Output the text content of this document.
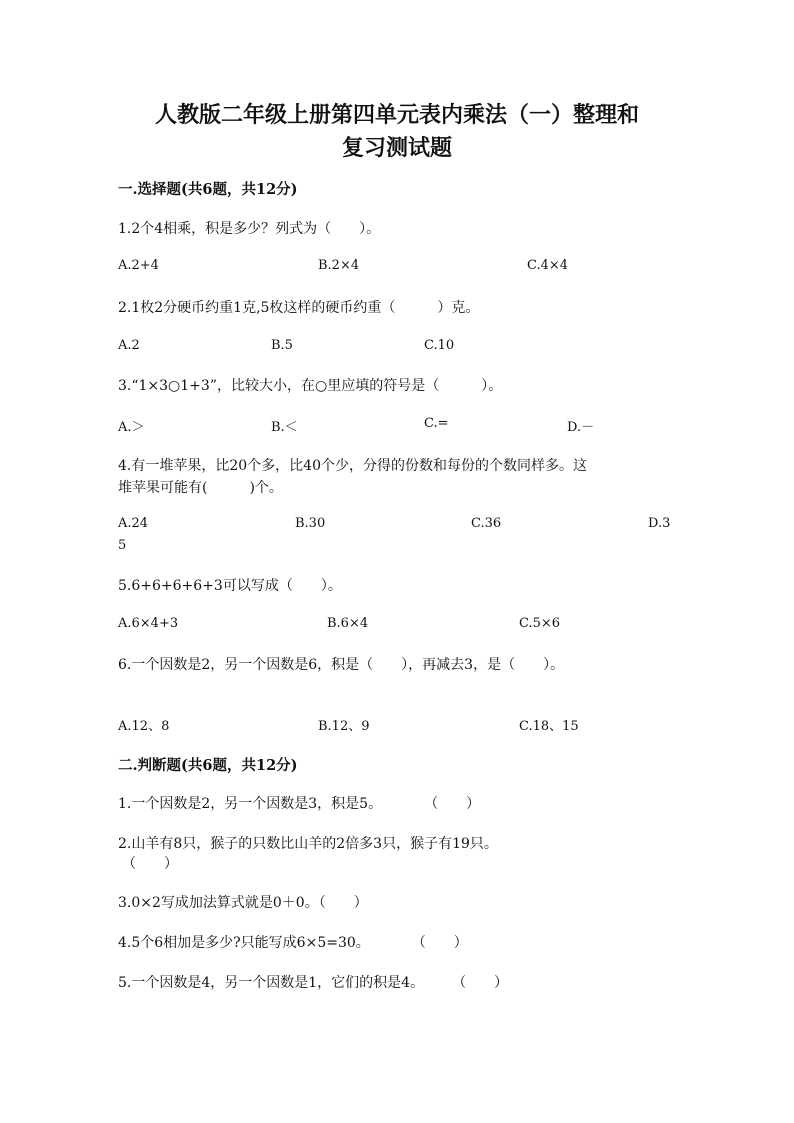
人教版二年级上册第四单元表内乘法（一）整理和
复习测试题
一.选择题(共6题，共12分)
1.2个4相乘，积是多少？列式为（　　）。
A.2+4	B.2×4	C.4×4
2.1枚2分硬币约重1克,5枚这样的硬币约重（　　　）克。
A.2	B.5	C.10
3.“1×3○1+3”，比较大小，在○里应填的符号是（　　　）。
A.＞	B.＜	C.=	D.－
4.有一堆苹果，比20个多，比40个少，分得的份数和每份的个数同样多。这
堆苹果可能有(　　　)个。
A.24	B.30	C.36	D.3
5
5.6+6+6+6+3可以写成（　　）。
A.6×4+3	B.6×4	C.5×6
6.一个因数是2，另一个因数是6，积是（　　），再减去3，是（　　）。
A.12、8	B.12、9	C.18、15
二.判断题(共6题，共12分)
1.一个因数是2，另一个因数是3，积是5。　　　　（　　）
2.山羊有8只，猴子的只数比山羊的2倍多3只，猴子有19只。
（　　）
3.0×2写成加法算式就是0＋0。（　　）
4.5个6相加是多少?只能写成6×5=30。　　　　（　　）
5.一个因数是4，另一个因数是1，它们的积是4。　　　（　　）
